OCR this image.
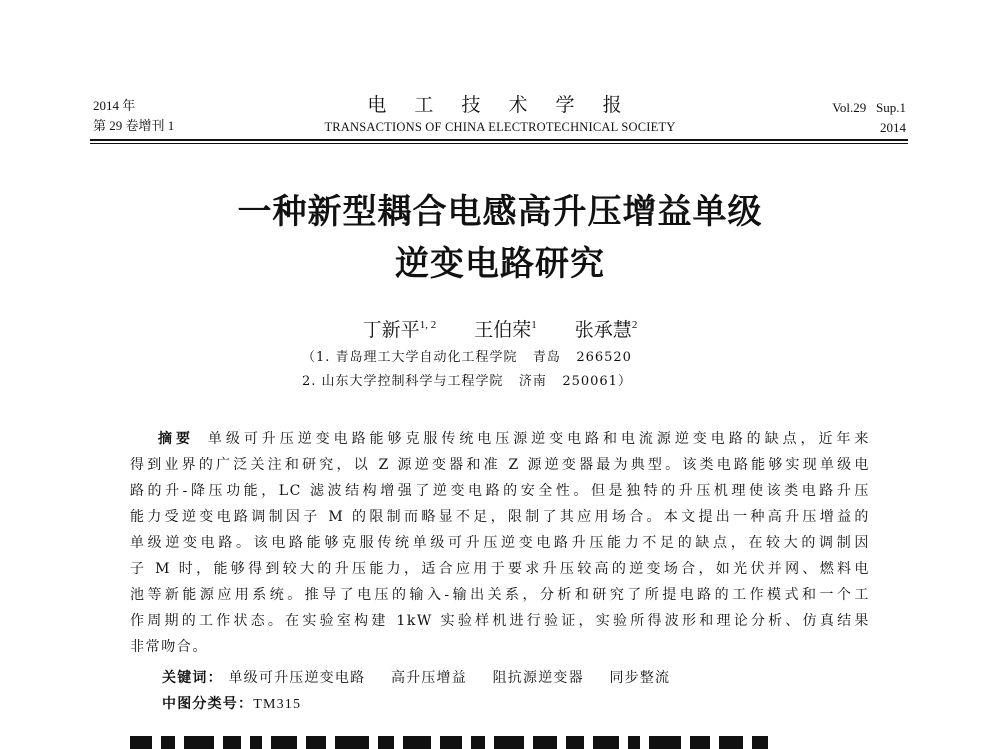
2014 年
第 29 卷增刊 1
电 工 技 术 学 报
TRANSACTIONS OF CHINA ELECTROTECHNICAL SOCIETY
Vol.29   Sup.1
2014
一种新型耦合电感高升压增益单级
逆变电路研究
丁新平$^{1, 2}$ 王伯荣$^1$ 张承慧$^2$
（1. 青岛理工大学自动化工程学院   青岛   266520
2. 山东大学控制科学与工程学院   济南   250061）
摘要 单级可升压逆变电路能够克服传统电压源逆变电路和电流源逆变电路的缺点，近年来
得到业界的广泛关注和研究，以 Z 源逆变器和准 Z 源逆变器最为典型。该类电路能够实现单级电
路的升-降压功能，LC 滤波结构增强了逆变电路的安全性。但是独特的升压机理使该类电路升压
能力受逆变电路调制因子 M 的限制而略显不足，限制了其应用场合。本文提出一种高升压增益的
单级逆变电路。该电路能够克服传统单级可升压逆变电路升压能力不足的缺点，在较大的调制因
子 M 时，能够得到较大的升压能力，适合应用于要求升压较高的逆变场合，如光伏并网、燃料电
池等新能源应用系统。推导了电压的输入-输出关系，分析和研究了所提电路的工作模式和一个工
作周期的工作状态。在实验室构建 1kW 实验样机进行验证，实验所得波形和理论分析、仿真结果
非常吻合。
关键词： 单级可升压逆变电路 高升压增益 阻抗源逆变器 同步整流
中图分类号：TM315
